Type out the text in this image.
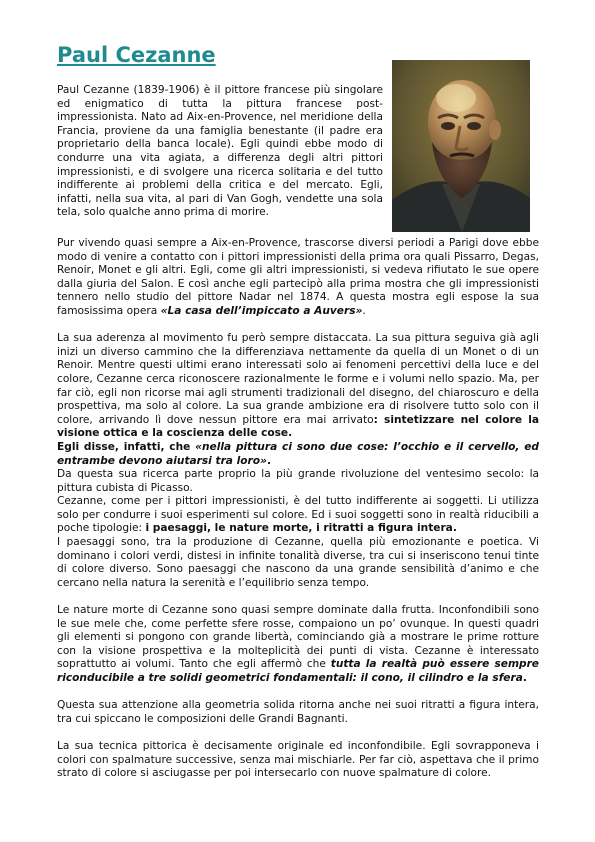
Paul Cezanne

Paul Cezanne (1839-1906) è il pittore francese più singolare ed enigmatico di tutta la pittura francese post-impressionista. Nato ad Aix-en-Provence, nel meridione della Francia, proviene da una famiglia benestante (il padre era proprietario della banca locale). Egli quindi ebbe modo di condurre una vita agiata, a differenza degli altri pittori impressionisti, e di svolgere una ricerca solitaria e del tutto indifferente ai problemi della critica e del mercato. Egli, infatti, nella sua vita, al pari di Van Gogh, vendette una sola tela, solo qualche anno prima di morire.

Pur vivendo quasi sempre a Aix-en-Provence, trascorse diversi periodi a Parigi dove ebbe modo di venire a contatto con i pittori impressionisti della prima ora quali Pissarro, Degas, Renoir, Monet e gli altri. Egli, come gli altri impressionisti, si vedeva rifiutato le sue opere dalla giuria del Salon. E così anche egli partecipò alla prima mostra che gli impressionisti tennero nello studio del pittore Nadar nel 1874. A questa mostra egli espose la sua famosissima opera «La casa dell’impiccato a Auvers».

La sua aderenza al movimento fu però sempre distaccata. La sua pittura seguiva già agli inizi un diverso cammino che la differenziava nettamente da quella di un Monet o di un Renoir. Mentre questi ultimi erano interessati solo ai fenomeni percettivi della luce e del colore, Cezanne cerca riconoscere razionalmente le forme e i volumi nello spazio. Ma, per far ciò, egli non ricorse mai agli strumenti tradizionali del disegno, del chiaroscuro e della prospettiva, ma solo al colore. La sua grande ambizione era di risolvere tutto solo con il colore, arrivando lì dove nessun pittore era mai arrivato: sintetizzare nel colore la visione ottica e la coscienza delle cose.

Egli disse, infatti, che «nella pittura ci sono due cose: l’occhio e il cervello, ed entrambe devono aiutarsi tra loro».

Da questa sua ricerca parte proprio la più grande rivoluzione del ventesimo secolo: la pittura cubista di Picasso.

Cezanne, come per i pittori impressionisti, è del tutto indifferente ai soggetti. Li utilizza solo per condurre i suoi esperimenti sul colore. Ed i suoi soggetti sono in realtà riducibili a poche tipologie: i paesaggi, le nature morte, i ritratti a figura intera.

I paesaggi sono, tra la produzione di Cezanne, quella più emozionante e poetica. Vi dominano i colori verdi, distesi in infinite tonalità diverse, tra cui si inseriscono tenui tinte di colore diverso. Sono paesaggi che nascono da una grande sensibilità d’animo e che cercano nella natura la serenità e l’equilibrio senza tempo.

Le nature morte di Cezanne sono quasi sempre dominate dalla frutta. Inconfondibili sono le sue mele che, come perfette sfere rosse, compaiono un po’ ovunque. In questi quadri gli elementi si pongono con grande libertà, cominciando già a mostrare le prime rotture con la visione prospettiva e la molteplicità dei punti di vista. Cezanne è interessato soprattutto ai volumi. Tanto che egli affermò che tutta la realtà può essere sempre riconducibile a tre solidi geometrici fondamentali: il cono, il cilindro e la sfera.

Questa sua attenzione alla geometria solida ritorna anche nei suoi ritratti a figura intera, tra cui spiccano le composizioni delle Grandi Bagnanti.

La sua tecnica pittorica è decisamente originale ed inconfondibile. Egli sovrapponeva i colori con spalmature successive, senza mai mischiarle. Per far ciò, aspettava che il primo strato di colore si asciugasse per poi intersecarlo con nuove spalmature di colore.
